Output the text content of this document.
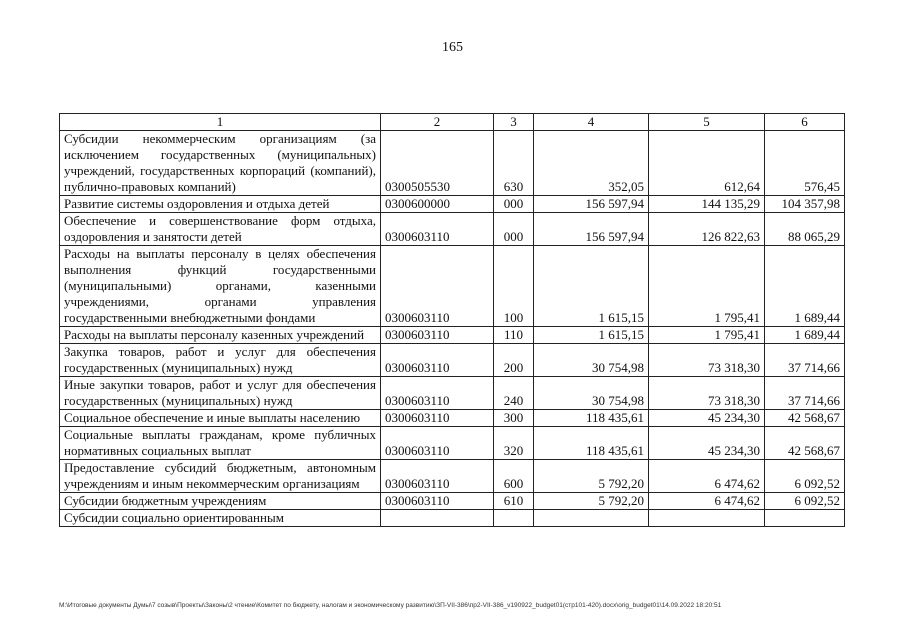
165
1	2	3	4	5	6
Субсидии некоммерческим организациям (за исключением государственных (муниципальных) учреждений, государственных корпораций (компаний), публично-правовых компаний)	0300505530	630	352,05	612,64	576,45
Развитие системы оздоровления и отдыха детей	0300600000	000	156 597,94	144 135,29	104 357,98
Обеспечение и совершенствование форм отдыха, оздоровления и занятости детей	0300603110	000	156 597,94	126 822,63	88 065,29
Расходы на выплаты персоналу в целях обеспечения выполнения функций государственными (муниципальными) органами, казенными учреждениями, органами управления государственными внебюджетными фондами	0300603110	100	1 615,15	1 795,41	1 689,44
Расходы на выплаты персоналу казенных учреждений	0300603110	110	1 615,15	1 795,41	1 689,44
Закупка товаров, работ и услуг для обеспечения государственных (муниципальных) нужд	0300603110	200	30 754,98	73 318,30	37 714,66
Иные закупки товаров, работ и услуг для обеспечения государственных (муниципальных) нужд	0300603110	240	30 754,98	73 318,30	37 714,66
Социальное обеспечение и иные выплаты населению	0300603110	300	118 435,61	45 234,30	42 568,67
Социальные выплаты гражданам, кроме публичных нормативных социальных выплат	0300603110	320	118 435,61	45 234,30	42 568,67
Предоставление субсидий бюджетным, автономным учреждениям и иным некоммерческим организациям	0300603110	600	5 792,20	6 474,62	6 092,52
Субсидии бюджетным учреждениям	0300603110	610	5 792,20	6 474,62	6 092,52
Субсидии социально ориентированным					
M:\Итоговые документы Думы\7 созыв\Проекты\Законы\2 чтение\Комитет по бюджету, налогам и экономическому развитию\ЗП-VII-386\пр2-VII-386_v190922_budget01(стр101-420).docx\orig_budget01\14.09.2022 18:20:51
